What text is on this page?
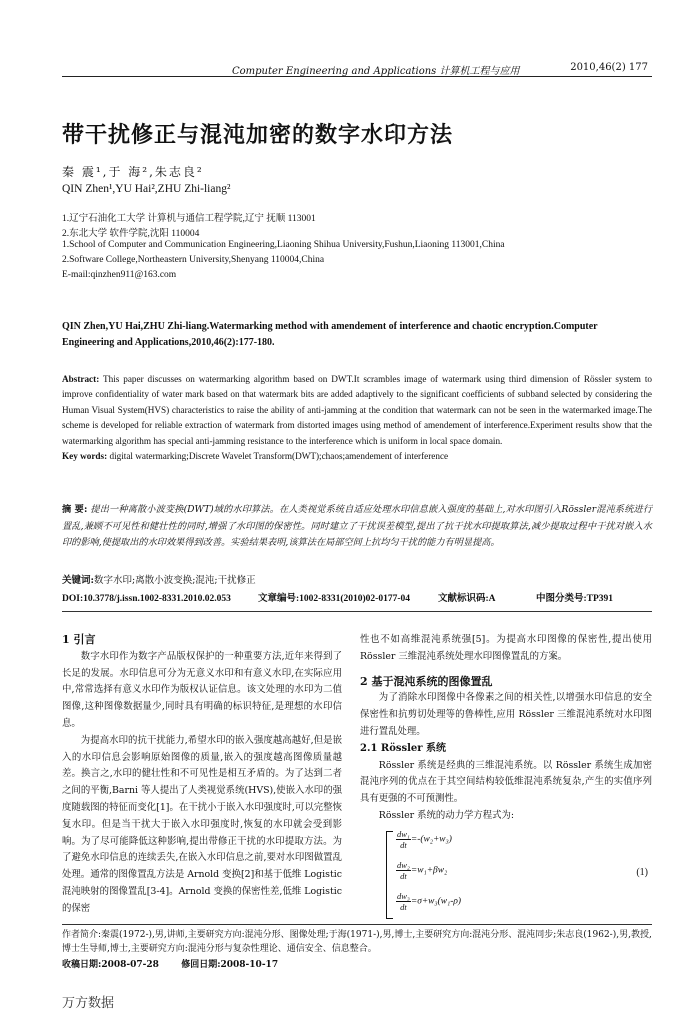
Computer Engineering and Applications 计算机工程与应用	2010,46(2) 177
带干扰修正与混沌加密的数字水印方法
秦 震¹,于 海²,朱志良²
QIN Zhen¹,YU Hai²,ZHU Zhi-liang²
1.辽宁石油化工大学 计算机与通信工程学院,辽宁 抚顺 113001
2.东北大学 软件学院,沈阳 110004
1.School of Computer and Communication Engineering,Liaoning Shihua University,Fushun,Liaoning 113001,China
2.Software College,Northeastern University,Shenyang 110004,China
E-mail:qinzhen911@163.com
QIN Zhen,YU Hai,ZHU Zhi-liang.Watermarking method with amendement of interference and chaotic encryption.Computer Engineering and Applications,2010,46(2):177-180.
Abstract: This paper discusses on watermarking algorithm based on DWT.It scrambles image of watermark using third dimension of Rössler system to improve confidentiality of water mark based on that watermark bits are added adaptively to the significant coefficients of subband selected by considering the Human Visual System(HVS) characteristics to raise the ability of anti-jamming at the condition that watermark can not be seen in the watermarked image.The scheme is developed for reliable extraction of watermark from distorted images using method of amendement of interference.Experiment results show that the watermarking algorithm has special anti-jamming resistance to the interference which is uniform in local space domain.
Key words: digital watermarking;Discrete Wavelet Transform(DWT);chaos;amendement of interference
摘 要: 提出一种离散小波变换(DWT)域的水印算法。在人类视觉系统自适应处理水印信息嵌入强度的基础上,对水印图引入Rössler混沌系统进行置乱,兼顾不可见性和健壮性的同时,增强了水印图的保密性。同时建立了干扰误差模型,提出了抗干扰水印提取算法,减少提取过程中干扰对嵌入水印的影响,使提取出的水印效果得到改善。实验结果表明,该算法在局部空间上抗均匀干扰的能力有明显提高。
关键词:数字水印;离散小波变换;混沌;干扰修正
DOI:10.3778/j.issn.1002-8331.2010.02.053	文章编号:1002-8331(2010)02-0177-04	文献标识码:A	中图分类号:TP391

1 引言

数字水印作为数字产品版权保护的一种重要方法,近年来得到了长足的发展。水印信息可分为无意义水印和有意义水印,在实际应用中,常常选择有意义水印作为版权认证信息。该文处理的水印为二值图像,这种图像数据量少,同时具有明确的标识特征,是理想的水印信息。

为提高水印的抗干扰能力,希望水印的嵌入强度越高越好,但是嵌入的水印信息会影响原始图像的质量,嵌入的强度越高图像质量越差。换言之,水印的健壮性和不可见性是相互矛盾的。为了达到二者之间的平衡,Barni 等人提出了人类视觉系统(HVS),使嵌入水印的强度随载图的特征而变化[1]。在干扰小于嵌入水印强度时,可以完整恢复水印。但是当干扰大于嵌入水印强度时,恢复的水印就会受到影响。为了尽可能降低这种影响,提出带修正干扰的水印提取方法。为了避免水印信息的连续丢失,在嵌入水印信息之前,要对水印图做置乱处理。通常的图像置乱方法是 Arnold 变换[2]和基于低维 Logistic 混沌映射的图像置乱[3-4]。Arnold 变换的保密性差,低维 Logistic 的保密

性也不如高维混沌系统强[5]。为提高水印图像的保密性,提出使用 Rössler 三维混沌系统处理水印图像置乱的方案。

2 基于混沌系统的图像置乱

为了消除水印图像中各像素之间的相关性,以增强水印信息的安全保密性和抗剪切处理等的鲁棒性,应用 Rössler 三维混沌系统对水印图进行置乱处理。

2.1 Rössler 系统

Rössler 系统是经典的三维混沌系统。以 Rössler 系统生成加密混沌序列的优点在于其空间结构较低维混沌系统复杂,产生的实值序列具有更强的不可预测性。

Rössler 系统的动力学方程式为:

$\frac{\text{dw₁}}{dt}=-(w_2+w_3)$
$\frac{\text{dw₂}}{dt}=w_1+\beta w_2$
$\frac{\text{dw₃}}{dt}=\sigma+w_3(w_1-\rho)$
(1)
作者简介:秦震(1972-),男,讲师,主要研究方向:混沌分形、图像处理;于海(1971-),男,博士,主要研究方向:混沌分形、混沌同步;朱志良(1962-),男,教授,博士生导师,博士,主要研究方向:混沌分形与复杂性理论、通信安全、信息整合。
收稿日期:2008-07-28 修回日期:2008-10-17
万方数据
